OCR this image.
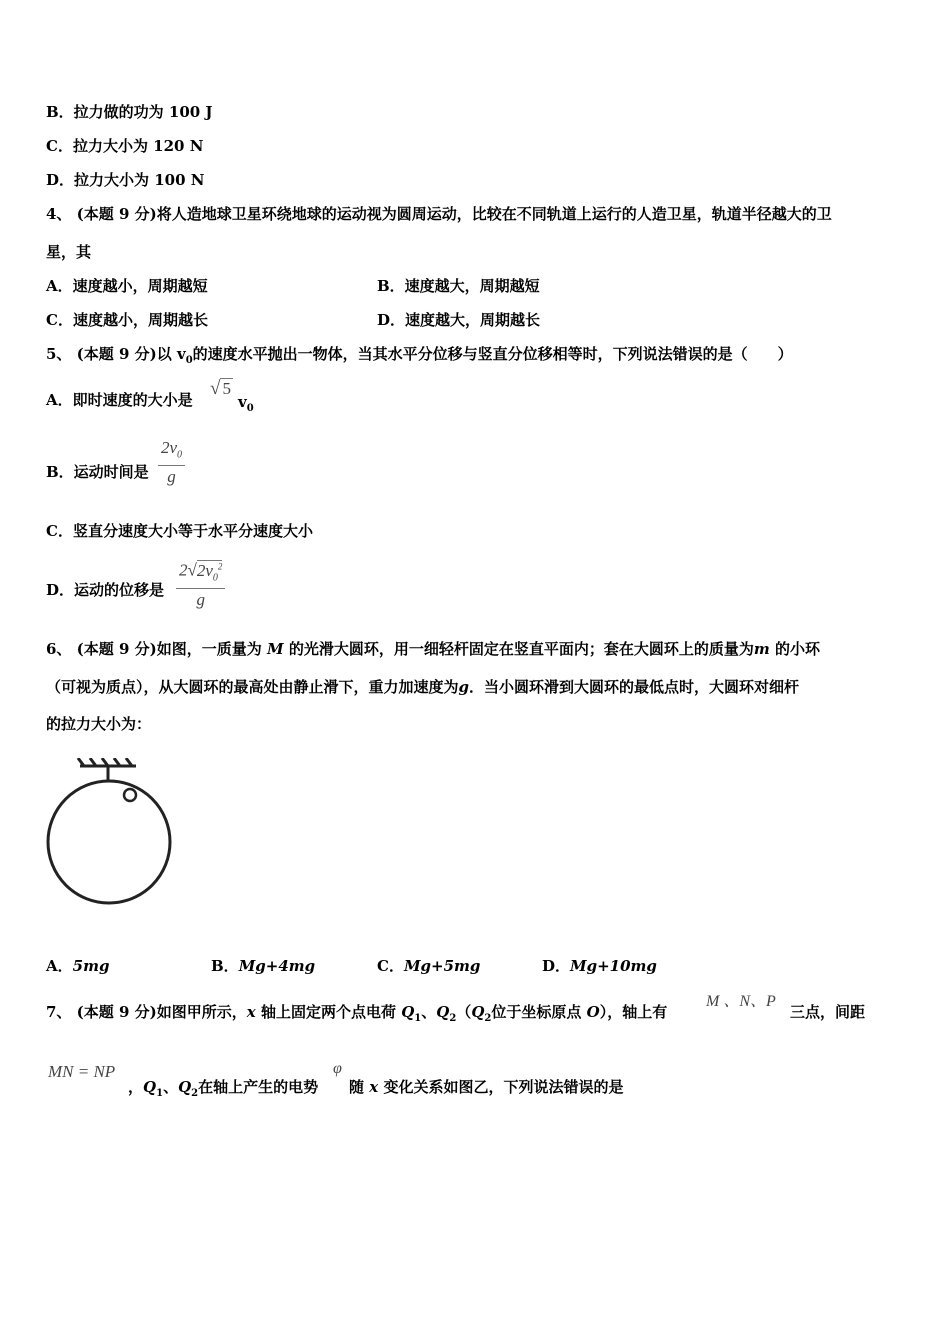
B．拉力做的功为 100 J
C．拉力大小为 120 N
D．拉力大小为 100 N
4、 (本题 9 分)将人造地球卫星环绕地球的运动视为圆周运动，比较在不同轨道上运行的人造卫星，轨道半径越大的卫
星，其
A．速度越小，周期越短	B．速度越大，周期越短
C．速度越小，周期越长	D．速度越大，周期越长
5、 (本题 9 分)以 $v_0$的速度水平抛出一物体，当其水平分位移与竖直分位移相等时，下列说法错误的是（　　）
A．即时速度的大小是
√ 5
$v_0$
B．运动时间是 $\frac{2v_0}{g}$
C．竖直分速度大小等于水平分速度大小
D．运动的位移是 $\frac{2√2v_0^2}{g}$
6、 (本题 9 分)如图，一质量为 M 的光滑大圆环，用一细轻杆固定在竖直平面内；套在大圆环上的质量为m 的小环
（可视为质点），从大圆环的最高处由静止滑下，重力加速度为g．当小圆环滑到大圆环的最低点时，大圆环对细杆
的拉力大小为：
A．5mg	B．Mg+4mg	C．Mg+5mg	D．Mg+10mg
7、 (本题 9 分)如图甲所示，x 轴上固定两个点电荷 $Q_1$、$Q_2(Q_2$位于坐标原点 O），轴上有
M 、N、P
三点，间距
MN = NP
，$Q_1$、$Q_2$在轴上产生的电势
φ
随 x 变化关系如图乙，下列说法错误的是
